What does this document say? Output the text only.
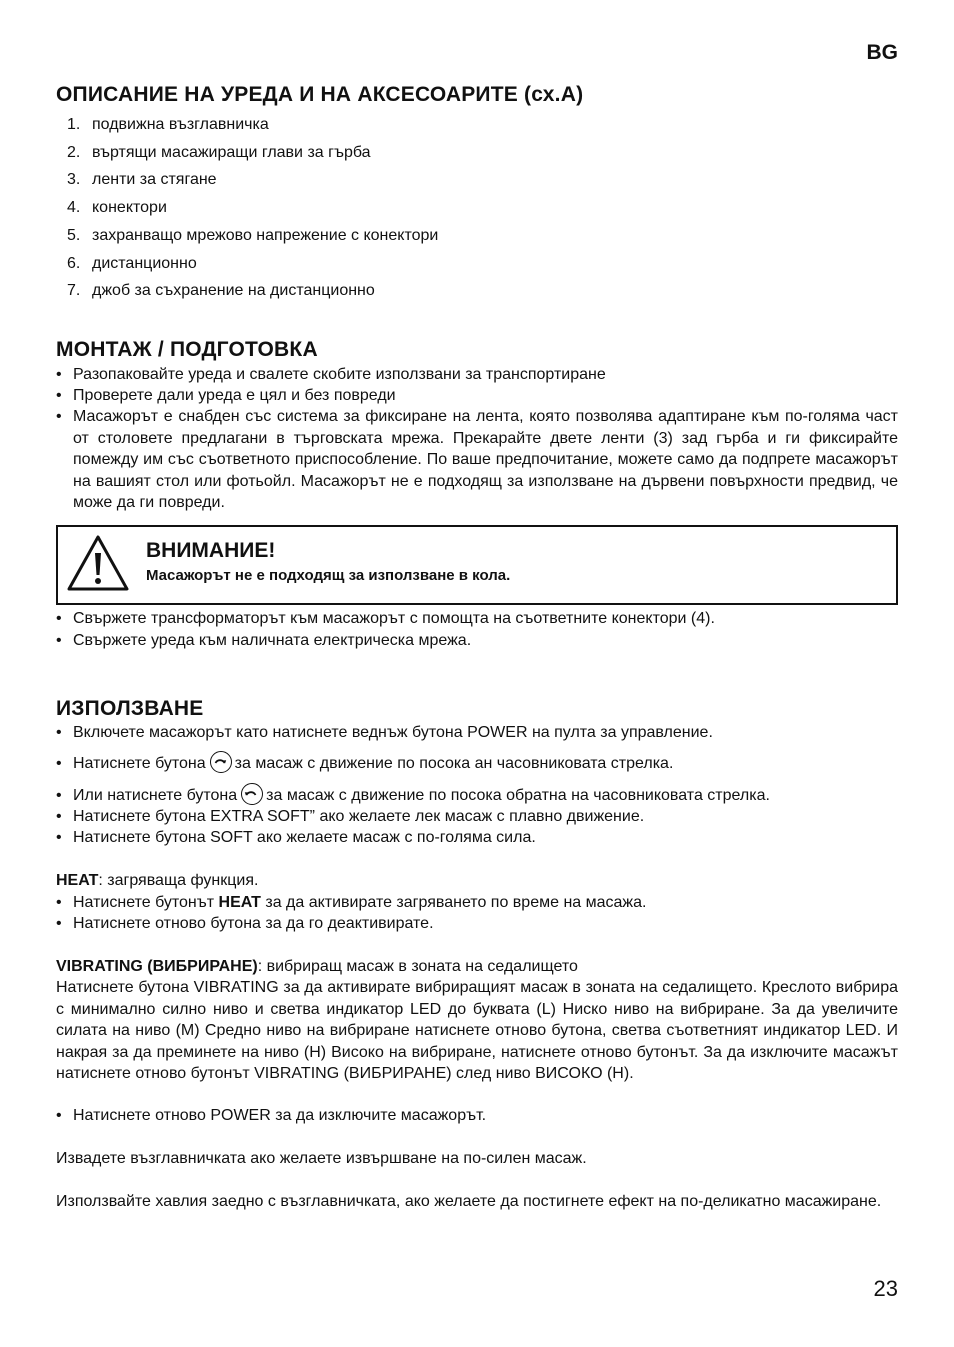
BG
ОПИСАНИЕ НА УРЕДА И НА АКСЕСОАРИТЕ (сх.A)
1. подвижна възглавничка
2. въртящи масажиращи глави за гърба
3. ленти за стягане
4. конектори
5. захранващо мрежово напрежение с конектори
6. дистанционно
7. джоб за съхранение на дистанционно
МОНТАЖ / ПОДГОТОВКА
• Разопаковайте уреда и свалете скобите използвани за транспортиране
• Проверете дали уреда е цял и без повреди
• Масажорът е снабден със система за фиксиране на лента, която позволява адаптиране към по-голяма част от столовете предлагани в търговската мрежа. Прекарайте двете ленти (3) зад гърба и ги фиксирайте помежду им със съответното приспособление. По ваше предпочитание, можете само да подпрете масажорът на вашият стол или фотьойл. Масажорът не е подходящ за използване на дървени повърхности предвид, че може да ги повреди.
ВНИМАНИЕ!
Масажорът не е подходящ за използване в кола.
• Свържете трансформаторът към масажорът с помощта на съответните конектори (4).
• Свържете уреда към наличната електрическа мрежа.
ИЗПОЛЗВАНЕ
• Включете масажорът като натиснете веднъж бутона POWER на пулта за управление.
• Натиснете бутона за масаж с движение по посока ан часовниковата стрелка.
• Или натиснете бутона за масаж с движение по посока обратна на часовниковата стрелка.
• Натиснете бутона EXTRA SOFT” ако желаете лек масаж с плавно движение.
• Натиснете бутона SOFT ако желаете масаж с по-голяма сила.
HEAT: загряваща функция.
• Натиснете бутонът HEAT за да активирате загряването по време на масажа.
• Натиснете отново бутона за да го деактивирате.
VIBRATING (ВИБРИРАНЕ): вибриращ масаж в зоната на седалището
Натиснете бутона VIBRATING за да активирате вибриращият масаж в зоната на седалището. Креслото вибрира с минимално силно ниво и светва индикатор LED до буквата (L) Ниско ниво на вибриране. За да увеличите силата на ниво (M) Средно ниво на вибриране натиснете отново бутона, светва съответният индикатор LED. И накрая за да преминете на ниво (H) Високо на вибриране, натиснете отново бутонът. За да изключите масажът натиснете отново бутонът VIBRATING (ВИБРИРАНЕ) след ниво ВИСОКО (H).
• Натиснете отново POWER за да изключите масажорът.
Извадете възглавничката ако желаете извършване на по-силен масаж.
Използвайте хавлия заедно с възглавничката, ако желаете да постигнете ефект на по-деликатно масажиране.
23
